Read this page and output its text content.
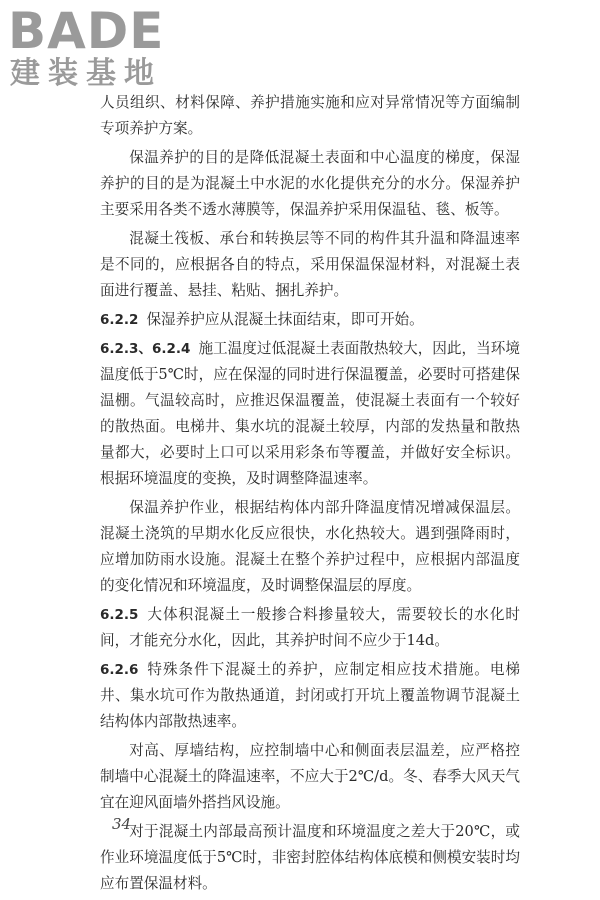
BADE
建装基地

人员组织、材料保障、养护措施实施和应对异常情况等方面编制专项养护方案。

保温养护的目的是降低混凝土表面和中心温度的梯度，保湿养护的目的是为混凝土中水泥的水化提供充分的水分。保湿养护主要采用各类不透水薄膜等，保温养护采用保温毡、毯、板等。

混凝土筏板、承台和转换层等不同的构件其升温和降温速率是不同的，应根据各自的特点，采用保温保湿材料，对混凝土表面进行覆盖、悬挂、粘贴、捆扎养护。

6.2.2 保湿养护应从混凝土抹面结束，即可开始。

6.2.3、6.2.4 施工温度过低混凝土表面散热较大，因此，当环境温度低于5℃时，应在保湿的同时进行保温覆盖，必要时可搭建保温棚。气温较高时，应推迟保温覆盖，使混凝土表面有一个较好的散热面。电梯井、集水坑的混凝土较厚，内部的发热量和散热量都大，必要时上口可以采用彩条布等覆盖，并做好安全标识。根据环境温度的变换，及时调整降温速率。

保温养护作业，根据结构体内部升降温度情况增减保温层。混凝土浇筑的早期水化反应很快，水化热较大。遇到强降雨时，应增加防雨水设施。混凝土在整个养护过程中，应根据内部温度的变化情况和环境温度，及时调整保温层的厚度。

6.2.5 大体积混凝土一般掺合料掺量较大，需要较长的水化时间，才能充分水化，因此，其养护时间不应少于14d。

6.2.6 特殊条件下混凝土的养护，应制定相应技术措施。电梯井、集水坑可作为散热通道，封闭或打开坑上覆盖物调节混凝土结构体内部散热速率。

对高、厚墙结构，应控制墙中心和侧面表层温差，应严格控制墙中心混凝土的降温速率，不应大于2℃/d。冬、春季大风天气宜在迎风面墙外搭挡风设施。

对于混凝土内部最高预计温度和环境温度之差大于20℃，或作业环境温度低于5℃时，非密封腔体结构体底模和侧模安装时均应布置保温材料。

34
